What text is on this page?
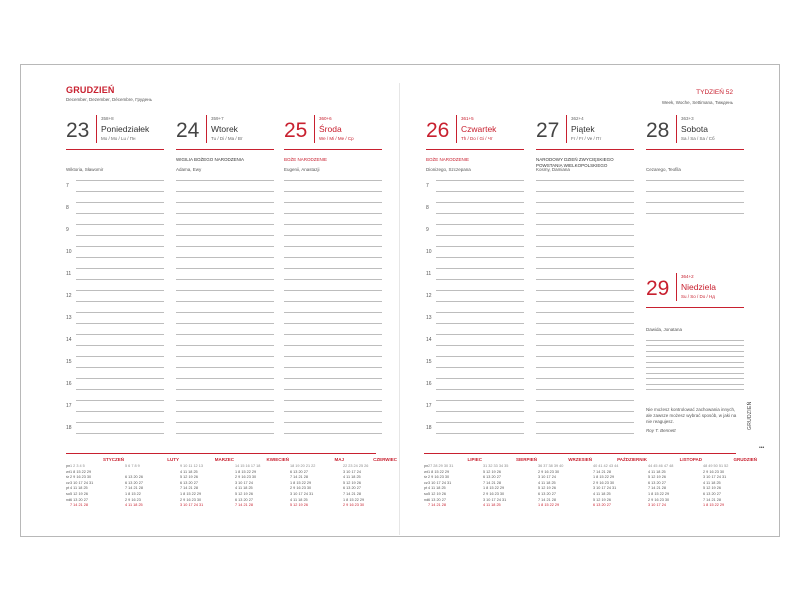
GRUDZIEŃ
December, Dezember, Décembre, Грудень
TYDZIEŃ 52
Week, Woche, Settimana, Тиждень
23
358+8
Poniedziałek
Mo / Mo / Lu / Пн
Wiktoria, Sławomir
24
359+7
Wtorek
Tu / Di / Ma / Вт
WIGILIA BOŻEGO NARODZENIA
Adama, Ewy
25
360+6
Środa
We / Mi / Me / Ср
BOŻE NARODZENIE
Eugenii, Anastazji
26
361+5
Czwartek
Th / Do / Gi / Чт
BOŻE NARODZENIE
Dionizego, Szczepana
27
362+4
Piątek
Fr / Fr / Ve / Пт
NARODOWY DZIEŃ ZWYCIĘSKIEGO POWSTANIA WIELKOPOLSKIEGO
Kosmy, Damiana
28
363+3
Sobota
Sa / Sa / Sa / Сб
Cezarego, Teofila
29
364+2
Niedziela
Su / So / Do / Нд
Dawida, Jonatana
7
8
9
10
11
12
13
14
15
16
17
18
7
8
9
10
11
12
13
14
15
16
17
18
Nie możesz kontrolować zachowania innych, ale zawsze możesz wybrać sposób, w jaki na nie reagujesz.
Roy T. Bennett
GRUDZIEŃ
•••
pn
wt
śr
cz
pt
so
nd
pn
wt
śr
cz
pt
so
nd
STYCZEŃ
1 2 3 4 5
1 8 15 22 29
2 9 16 23 30
3 10 17 24 31
4 11 18 25
5 12 19 26
6 13 20 27
7 14 21 28
LUTY
5 6 7 8 9
6 13 20 26
6 13 20 27
7 14 21 28
1 8 15 22
2 9 16 23
4 11 18 25
MARZEC
9 10 11 12 13
4 11 18 25
5 12 19 26
6 13 20 27
7 14 21 28
1 8 15 22 29
2 9 16 23 30
3 10 17 24 31
KWIECIEŃ
14 15 16 17 18
1 8 15 22 29
2 9 16 23 30
3 10 17 24
4 11 18 25
5 12 19 26
6 13 20 27
7 14 21 28
MAJ
18 19 20 21 22
6 13 20 27
7 14 21 28
1 8 15 22 29
2 9 16 23 30
3 10 17 24 31
4 11 18 25
5 12 19 26
CZERWIEC
22 23 24 25 26
3 10 17 24
4 11 18 25
5 12 19 26
6 13 20 27
7 14 21 28
1 8 15 22 29
2 9 16 23 30
LIPIEC
27 28 29 30 31
1 8 15 22 29
2 9 16 23 30
3 10 17 24 31
4 11 18 25
5 12 19 26
6 13 20 27
7 14 21 28
SIERPIEŃ
31 32 33 34 35
5 12 19 26
6 13 20 27
7 14 21 28
1 8 15 22 29
2 9 16 23 30
3 10 17 24 31
4 11 18 25
WRZESIEŃ
36 37 38 39 40
2 9 16 23 30
3 10 17 24
4 11 18 25
5 12 19 26
6 13 20 27
7 14 21 28
1 8 15 22 29
PAŹDZIERNIK
40 41 42 43 44
7 14 21 28
1 8 15 22 29
2 9 16 23 30
3 10 17 24 31
4 11 18 25
5 12 19 26
6 13 20 27
LISTOPAD
44 45 46 47 48
4 11 18 25
5 12 19 26
6 13 20 27
7 14 21 28
1 8 15 22 29
2 9 16 23 30
3 10 17 24
GRUDZIEŃ
48 49 50 51 52
2 9 16 23 30
3 10 17 24 31
4 11 18 25
5 12 19 26
6 13 20 27
7 14 21 28
1 8 15 22 29
